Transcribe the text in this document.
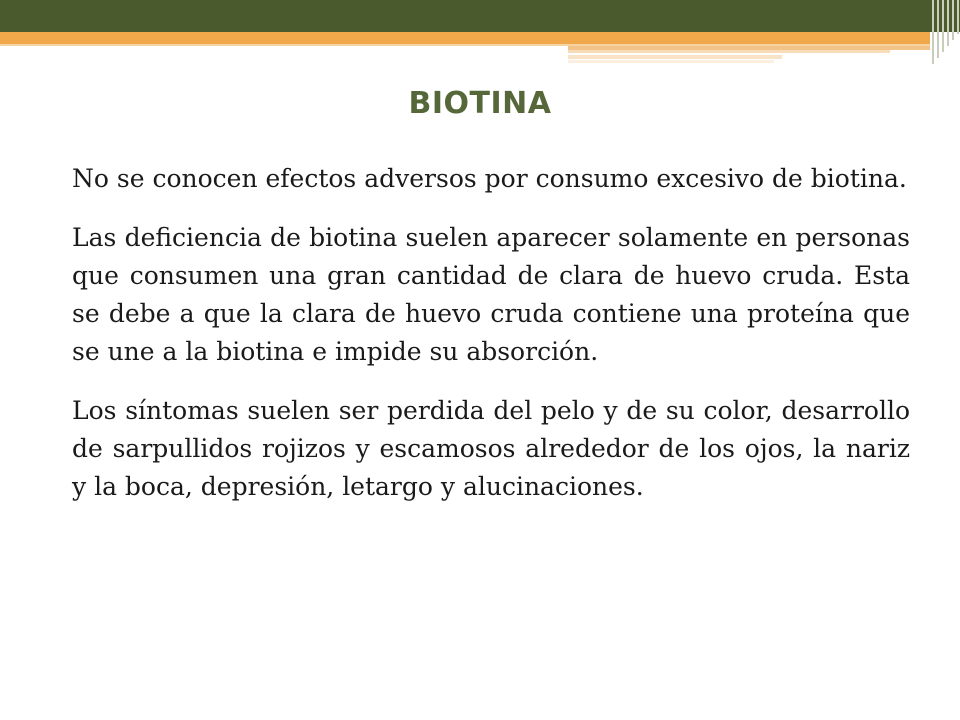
BIOTINA

No se conocen efectos adversos por consumo excesivo de biotina.

Las deficiencia de biotina suelen aparecer solamente en personas que consumen una gran cantidad de clara de huevo cruda. Esta se debe a que la clara de huevo cruda contiene una proteína que se une a la biotina e impide su absorción.

Los síntomas suelen ser perdida del pelo y de su color, desarrollo de sarpullidos rojizos y escamosos alrededor de los ojos, la nariz y la boca, depresión, letargo y alucinaciones.
